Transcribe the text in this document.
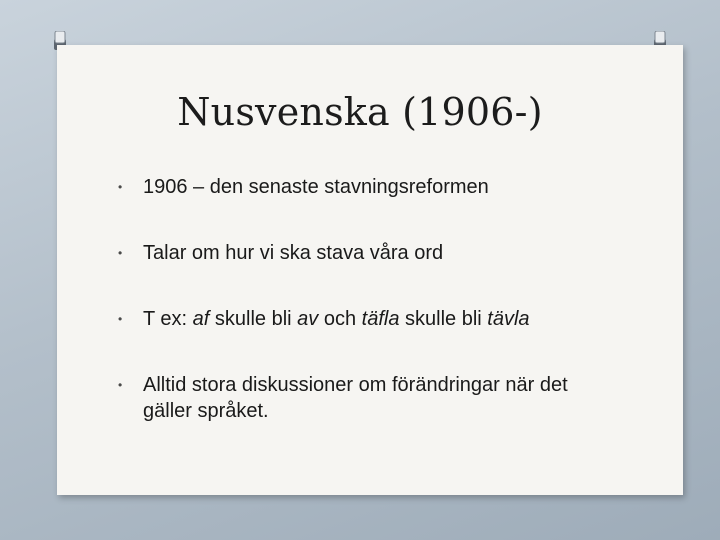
Nusvenska (1906-)
• 1906 – den senaste stavningsreformen
• Talar om hur vi ska stava våra ord
• T ex: af skulle bli av och täfla skulle bli tävla
• Alltid stora diskussioner om förändringar när det gäller språket.
